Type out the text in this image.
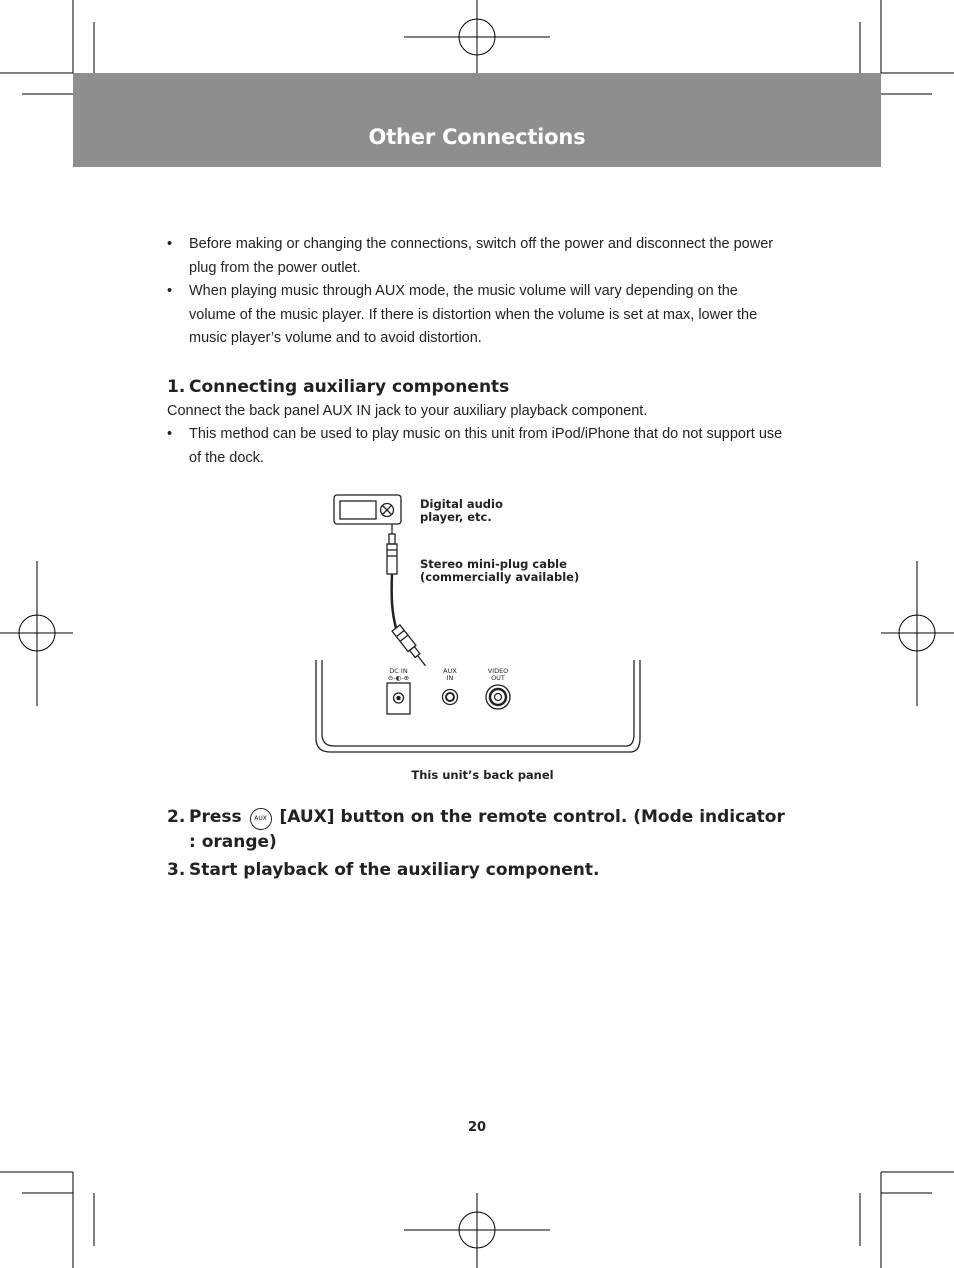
Other Connections
• Before making or changing the connections, switch off the power and disconnect the power plug from the power outlet.
• When playing music through AUX mode, the music volume will vary depending on the volume of the music player. If there is distortion when the volume is set at max, lower the music player’s volume and to avoid distortion.
1. Connecting auxiliary components

Connect the back panel AUX IN jack to your auxiliary playback component.

• This method can be used to play music on this unit from iPod/iPhone that do not support use of the dock.
2. Press AUX [AUX] button on the remote control. (Mode indicator : orange)
3. Start playback of the auxiliary component.
DC IN
⊖-◐-⊕
AUX
IN
VIDEO
OUT
Digital audio
player, etc.
Stereo mini-plug cable
(commercially available)
This unit’s back panel
20
